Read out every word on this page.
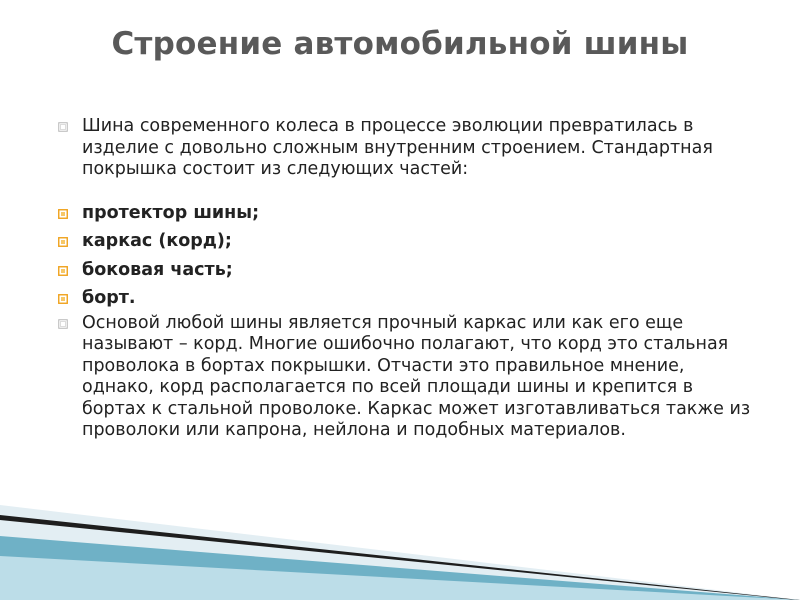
Строение автомобильной шины
Шина современного колеса в процессе эволюции превратилась в изделие с довольно сложным внутренним строением. Стандартная покрышка состоит из следующих частей:
протектор шины;
каркас (корд);
боковая часть;
борт.
Основой любой шины является прочный каркас или как его еще называют – корд. Многие ошибочно полагают, что корд это стальная проволока в бортах покрышки. Отчасти это правильное мнение, однако, корд располагается по всей площади шины и крепится в бортах к стальной проволоке. Каркас может изготавливаться также из проволоки или капрона, нейлона и подобных материалов.
